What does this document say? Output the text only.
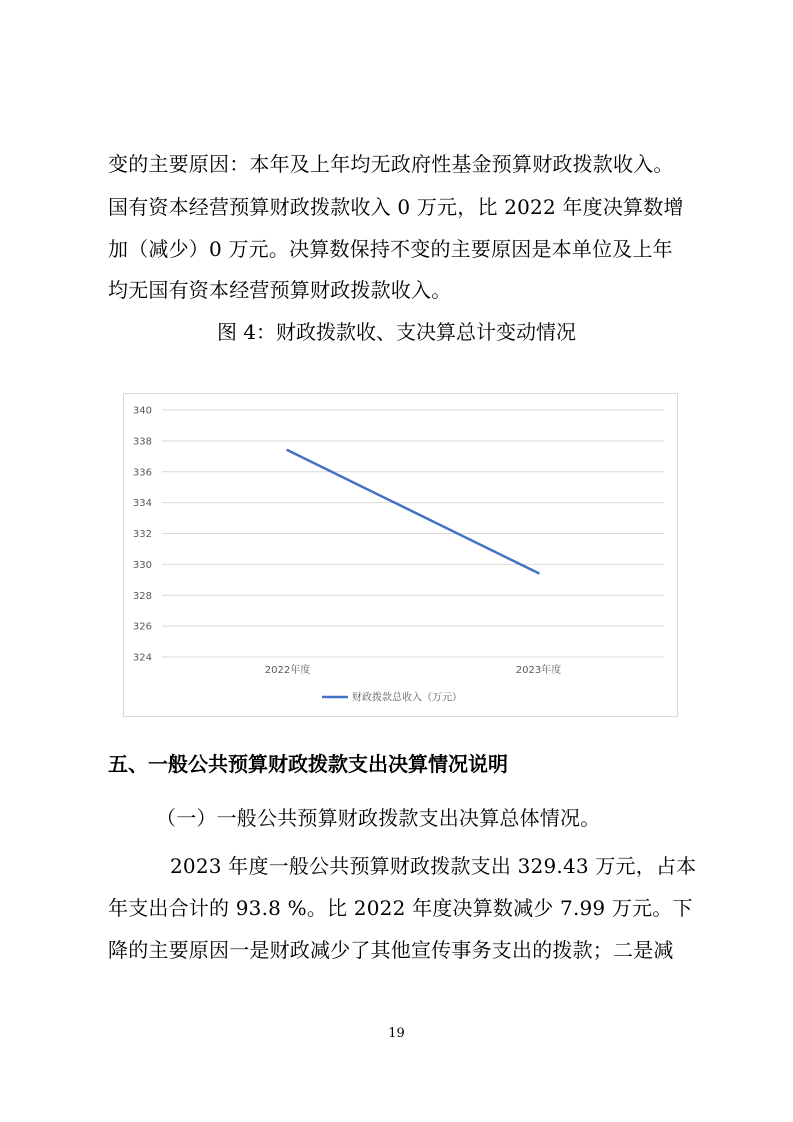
变的主要原因：本年及上年均无政府性基金预算财政拨款收入。
国有资本经营预算财政拨款收入 0 万元，比 2022 年度决算数增
加（减少）0 万元。决算数保持不变的主要原因是本单位及上年
均无国有资本经营预算财政拨款收入。
图 4：财政拨款收、支决算总计变动情况
324
326
328
330
332
334
336
338
340
2022年度	2023年度
财政拨款总收入（万元）
五、一般公共预算财政拨款支出决算情况说明
（一）一般公共预算财政拨款支出决算总体情况。
2023 年度一般公共预算财政拨款支出 329.43 万元，占本
年支出合计的 93.8 %。比 2022 年度决算数减少 7.99 万元。下
降的主要原因一是财政减少了其他宣传事务支出的拨款；二是减
19
